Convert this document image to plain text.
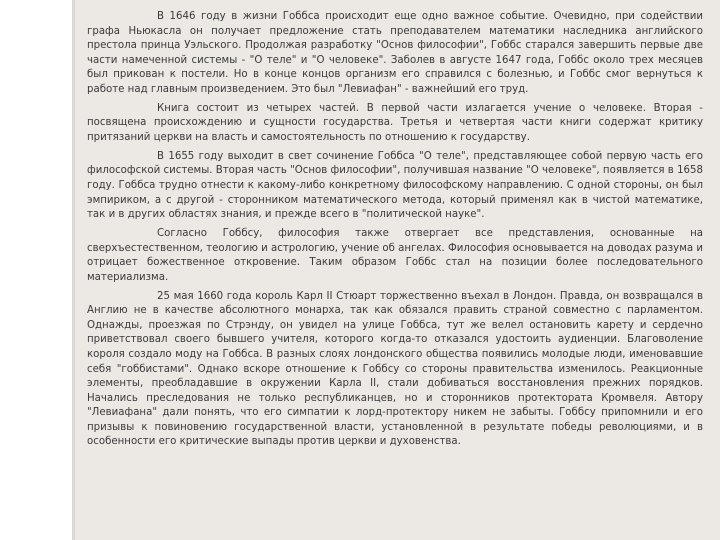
В 1646 году в жизни Гоббса происходит еще одно важное событие. Очевидно, при содействии графа Ньюкасла он получает предложение стать преподавателем математики наследника английского престола принца Уэльского. Продолжая разработку "Основ философии", Гоббс старался завершить первые две части намеченной системы - "О теле" и "О человеке". Заболев в августе 1647 года, Гоббс около трех месяцев был прикован к постели. Но в конце концов организм его справился с болезнью, и Гоббс смог вернуться к работе над главным произведением. Это был "Левиафан" - важнейший его труд.

Книга состоит из четырех частей. В первой части излагается учение о человеке. Вторая - посвящена происхождению и сущности государства. Третья и четвертая части книги содержат критику притязаний церкви на власть и самостоятельность по отношению к государству.

В 1655 году выходит в свет сочинение Гоббса "О теле", представляющее собой первую часть его философской системы. Вторая часть "Основ философии", получившая название "О человеке", появляется в 1658 году. Гоббса трудно отнести к какому-либо конкретному философскому направлению. С одной стороны, он был эмпириком, а с другой - сторонником математического метода, который применял как в чистой математике, так и в других областях знания, и прежде всего в "политической науке".

Согласно Гоббсу, философия также отвергает все представления, основанные на сверхъестественном, теологию и астрологию, учение об ангелах. Философия основывается на доводах разума и отрицает божественное откровение. Таким образом Гоббс стал на позиции более последовательного материализма.

25 мая 1660 года король Карл II Стюарт торжественно въехал в Лондон. Правда, он возвращался в Англию не в качестве абсолютного монарха, так как обязался править страной совместно с парламентом. Однажды, проезжая по Стрэнду, он увидел на улице Гоббса, тут же велел остановить карету и сердечно приветствовал своего бывшего учителя, которого когда-то отказался удостоить аудиенции. Благоволение короля создало моду на Гоббса. В разных слоях лондонского общества появились молодые люди, именовавшие себя "гоббистами". Однако вскоре отношение к Гоббсу со стороны правительства изменилось. Реакционные элементы, преобладавшие в окружении Карла II, стали добиваться восстановления прежних порядков. Начались преследования не только республиканцев, но и сторонников протектората Кромвеля. Автору "Левиафана" дали понять, что его симпатии к лорд-протектору никем не забыты. Гоббсу припомнили и его призывы к повиновению государственной власти, установленной в результате победы революциями, и в особенности его критические выпады против церкви и духовенства.
